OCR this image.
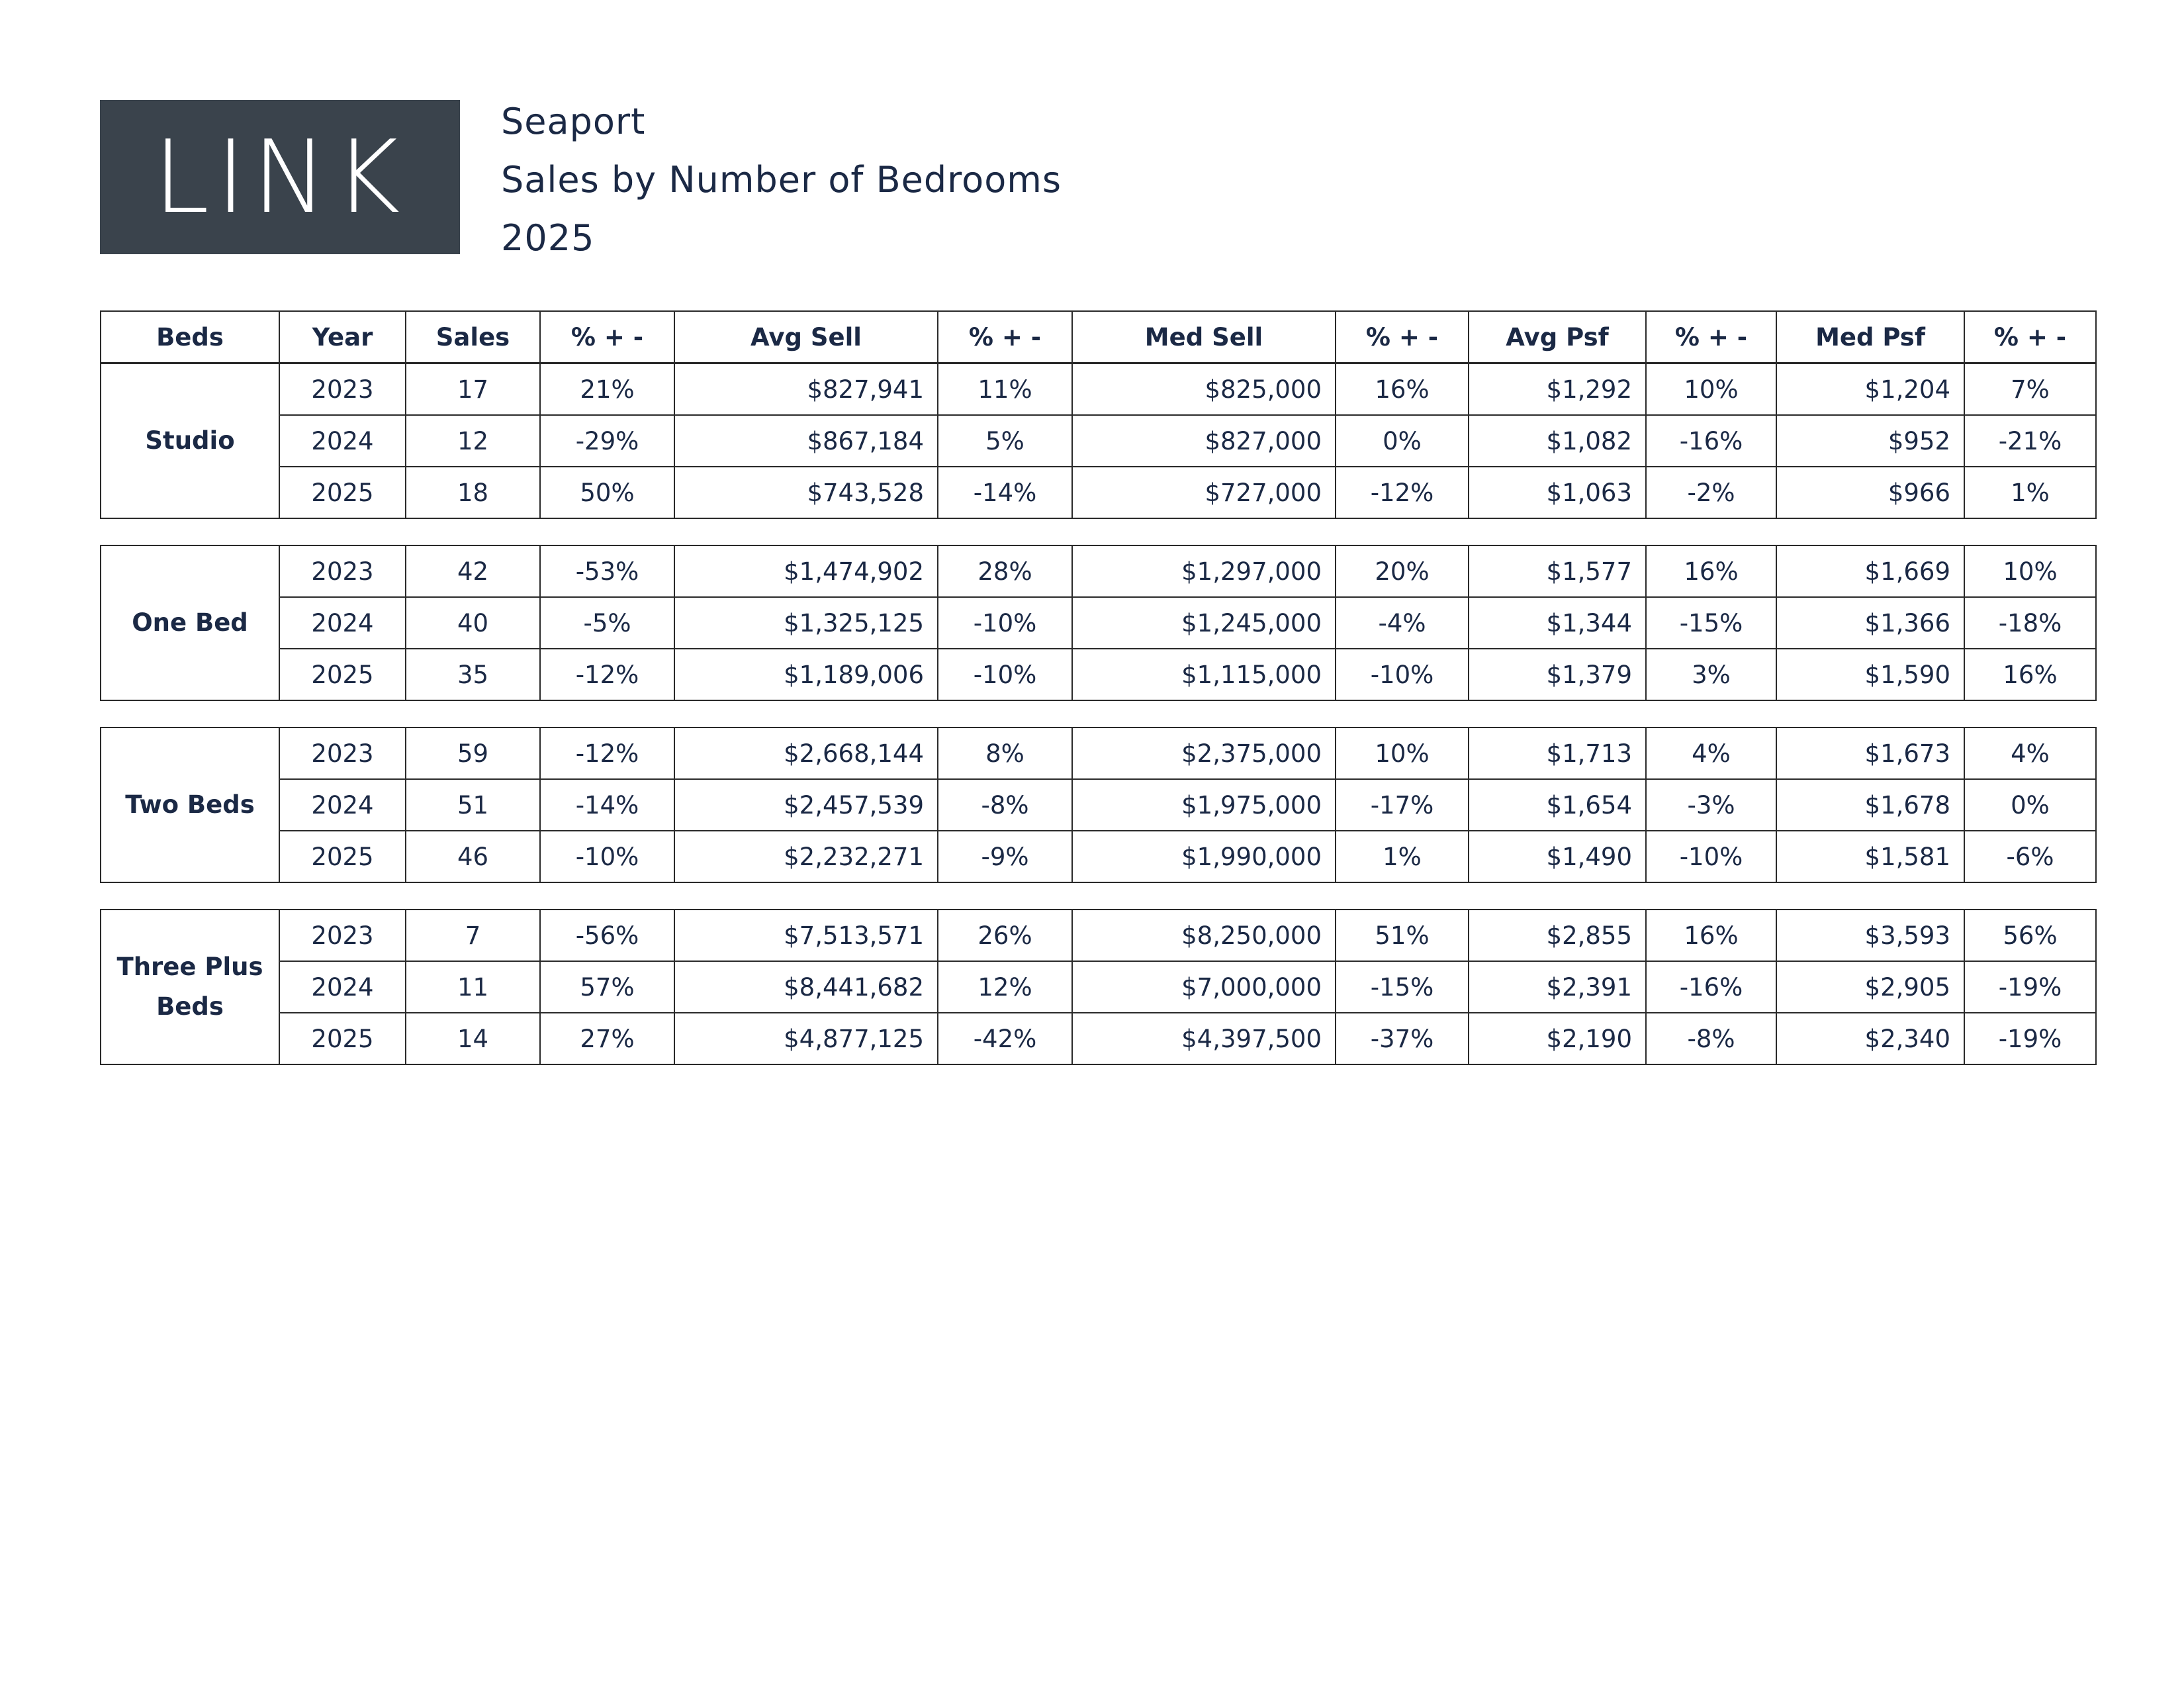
LINK	Seaport
Sales by Number of Bedrooms
2025
Beds	Year	Sales	% + -	Avg Sell	% + -	Med Sell	% + -	Avg Psf	% + -	Med Psf	% + -
Studio	2023	17	21%	$827,941	11%	$825,000	16%	$1,292	10%	$1,204	7%
	2024	12	-29%	$867,184	5%	$827,000	0%	$1,082	-16%	$952	-21%
	2025	18	50%	$743,528	-14%	$727,000	-12%	$1,063	-2%	$966	1%
One Bed	2023	42	-53%	$1,474,902	28%	$1,297,000	20%	$1,577	16%	$1,669	10%
	2024	40	-5%	$1,325,125	-10%	$1,245,000	-4%	$1,344	-15%	$1,366	-18%
	2025	35	-12%	$1,189,006	-10%	$1,115,000	-10%	$1,379	3%	$1,590	16%
Two Beds	2023	59	-12%	$2,668,144	8%	$2,375,000	10%	$1,713	4%	$1,673	4%
	2024	51	-14%	$2,457,539	-8%	$1,975,000	-17%	$1,654	-3%	$1,678	0%
	2025	46	-10%	$2,232,271	-9%	$1,990,000	1%	$1,490	-10%	$1,581	-6%
Three Plus Beds	2023	7	-56%	$7,513,571	26%	$8,250,000	51%	$2,855	16%	$3,593	56%
	2024	11	57%	$8,441,682	12%	$7,000,000	-15%	$2,391	-16%	$2,905	-19%
	2025	14	27%	$4,877,125	-42%	$4,397,500	-37%	$2,190	-8%	$2,340	-19%
